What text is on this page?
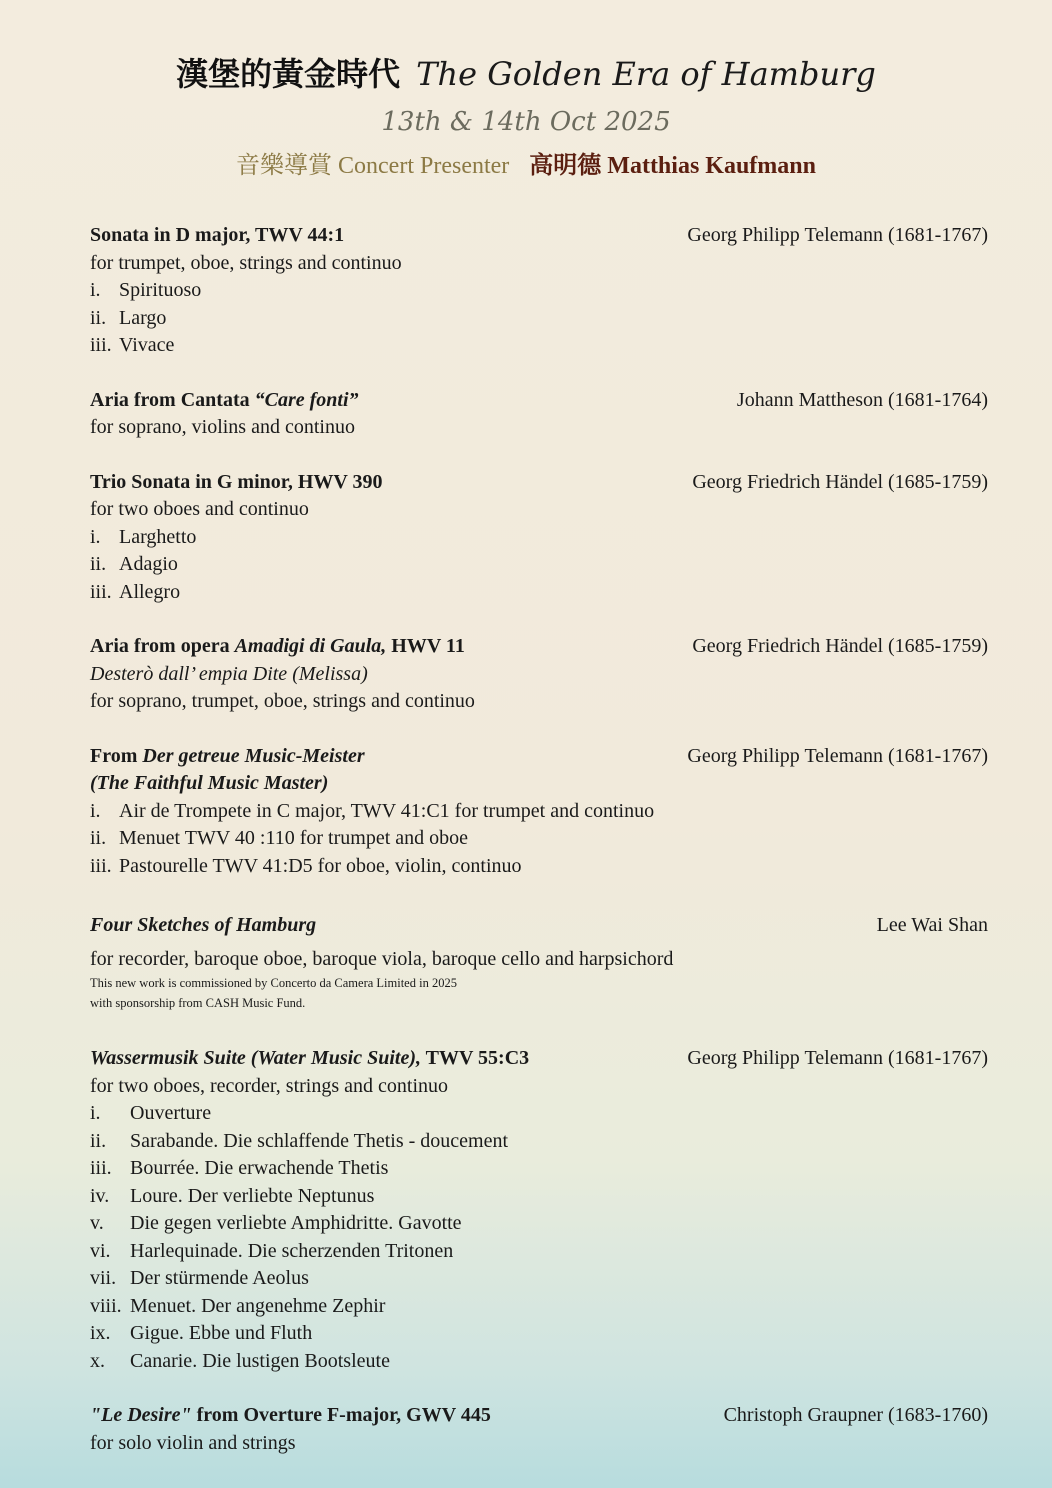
漢堡的黃金時代 The Golden Era of Hamburg
13th & 14th Oct 2025
音樂導賞 Concert Presenter 高明德 Matthias Kaufmann
Sonata in D major, TWV 44:1	Georg Philipp Telemann (1681-1767)
for trumpet, oboe, strings and continuo
i. Spirituoso
ii. Largo
iii. Vivace
Aria from Cantata “Care fonti”	Johann Mattheson (1681-1764)
for soprano, violins and continuo
Trio Sonata in G minor, HWV 390	Georg Friedrich Händel (1685-1759)
for two oboes and continuo
i. Larghetto
ii. Adagio
iii. Allegro
Aria from opera Amadigi di Gaula, HWV 11	Georg Friedrich Händel (1685-1759)
Desterò dall’ empia Dite (Melissa)
for soprano, trumpet, oboe, strings and continuo
From Der getreue Music-Meister	Georg Philipp Telemann (1681-1767)
(The Faithful Music Master)
i. Air de Trompete in C major, TWV 41:C1 for trumpet and continuo
ii. Menuet TWV 40 :110 for trumpet and oboe
iii. Pastourelle TWV 41:D5 for oboe, violin, continuo
Four Sketches of Hamburg	Lee Wai Shan
for recorder, baroque oboe, baroque viola, baroque cello and harpsichord
This new work is commissioned by Concerto da Camera Limited in 2025
with sponsorship from CASH Music Fund.
Wassermusik Suite (Water Music Suite), TWV 55:C3	Georg Philipp Telemann (1681-1767)
for two oboes, recorder, strings and continuo
i.	Ouverture
ii.	Sarabande. Die schlaffende Thetis - doucement
iii. Bourrée. Die erwachende Thetis
iv.	Loure. Der verliebte Neptunus
v.	Die gegen verliebte Amphidritte. Gavotte
vi. Harlequinade. Die scherzenden Tritonen
vii. Der stürmende Aeolus
viii. Menuet. Der angenehme Zephir
ix. Gigue. Ebbe und Fluth
x.	Canarie. Die lustigen Bootsleute
"Le Desire" from Overture F-major, GWV 445	Christoph Graupner (1683-1760)
for solo violin and strings
